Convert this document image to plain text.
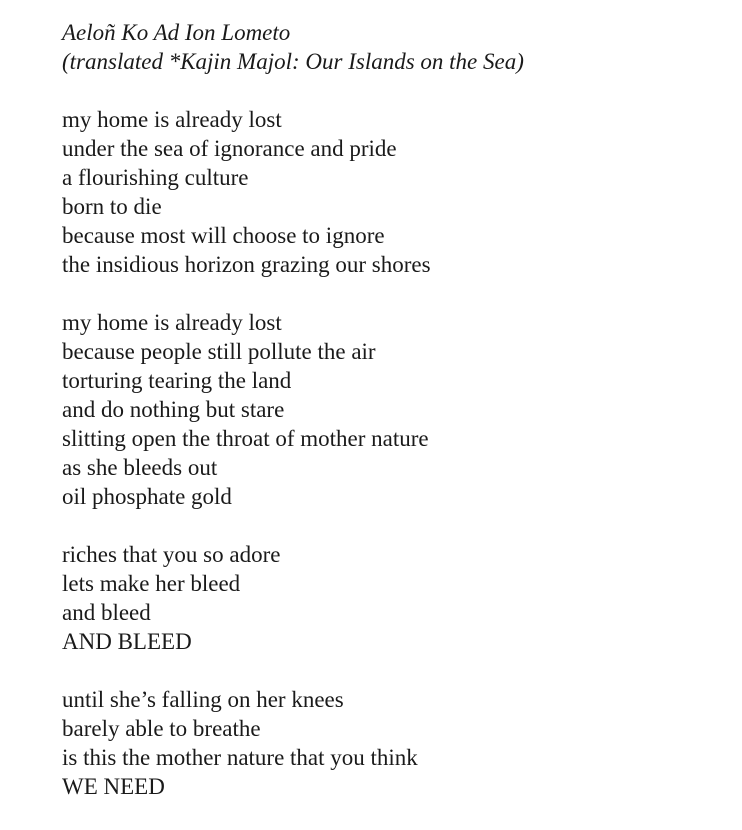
Aeloñ Ko Ad Ion Lometo
(translated *Kajin Majol: Our Islands on the Sea)
my home is already lost
under the sea of ignorance and pride
a flourishing culture
born to die
because most will choose to ignore
the insidious horizon grazing our shores
my home is already lost
because people still pollute the air
torturing tearing the land
and do nothing but stare
slitting open the throat of mother nature
as she bleeds out
oil phosphate gold
riches that you so adore
lets make her bleed
and bleed
AND BLEED
until she’s falling on her knees
barely able to breathe
is this the mother nature that you think
WE NEED
